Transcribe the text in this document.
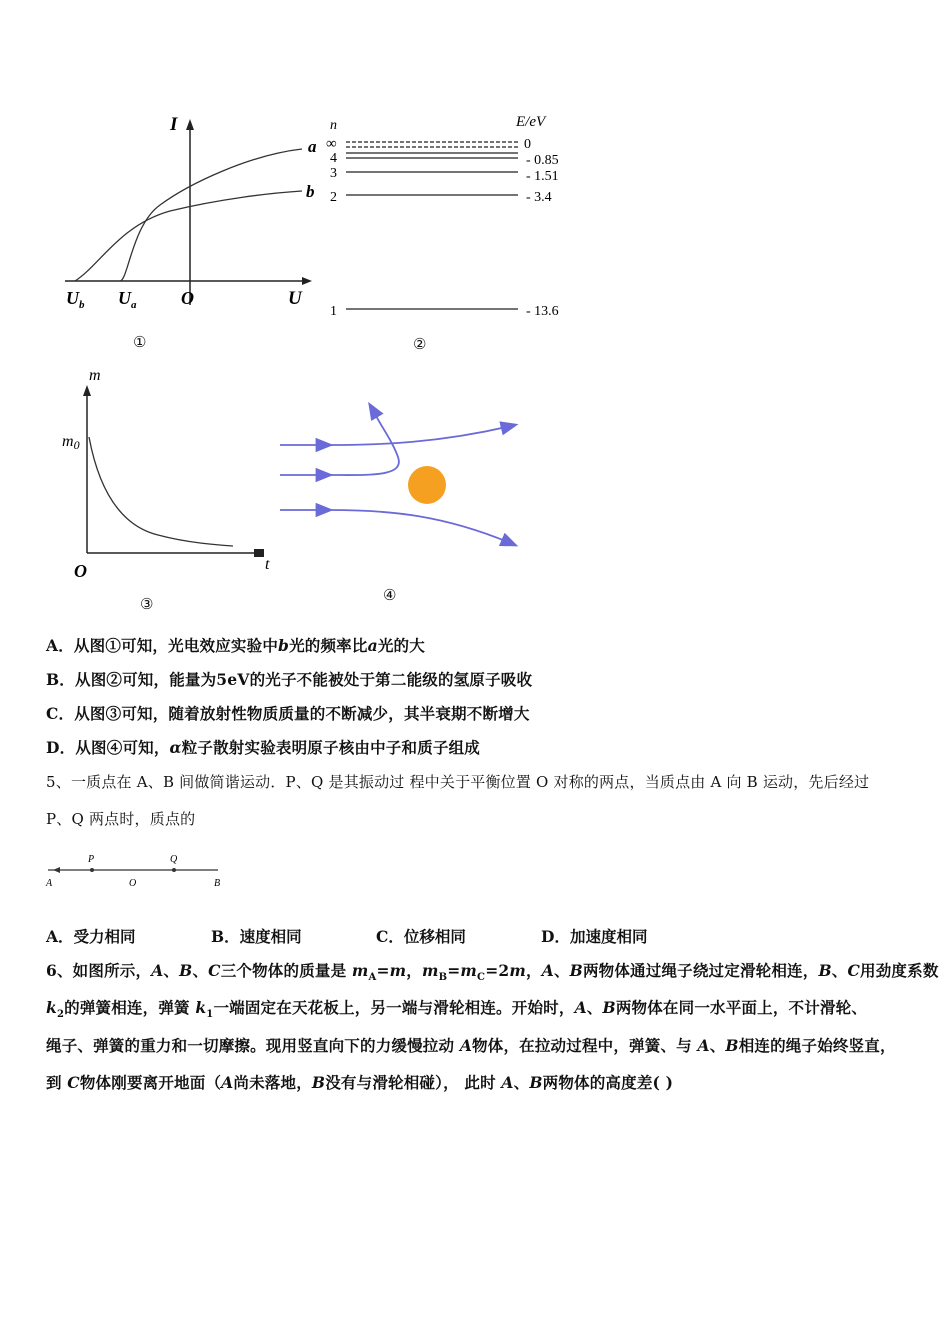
I
U
O
a
b
$U_b$ $U_a$
①
n	E/eV
∞
4
3
2
1
0
- 0.85
- 1.51
- 3.4
- 13.6
②
m
t
O
m0
③	④
A．从图①可知，光电效应实验中b光的频率比a光的大
B．从图②可知，能量为5eV的光子不能被处于第二能级的氢原子吸收
C．从图③可知，随着放射性物质质量的不断减少，其半衰期不断增大
D．从图④可知，α粒子散射实验表明原子核由中子和质子组成
5、一质点在 A、B 间做简谐运动．P、Q 是其振动过 程中关于平衡位置 O 对称的两点，当质点由 A 向 B 运动，先后经过
P、Q 两点时，质点的
A
P
O
Q
B
A．受力相同	B．速度相同	C．位移相同	D．加速度相同
6、如图所示，A、B、C三个物体的质量是 $m_A=m$，$m_B=m_C=2m$，A、B两物体通过绳子绕过定滑轮相连，B、C用劲度系数
$k_2$的弹簧相连，弹簧 $k_1$一端固定在天花板上，另一端与滑轮相连。开始时，A、B两物体在同一水平面上，不计滑轮、
绳子、弹簧的重力和一切摩擦。现用竖直向下的力缓慢拉动 A物体，在拉动过程中，弹簧、与 A、B相连的绳子始终竖直，
到 C物体刚要离开地面（A尚未落地，B没有与滑轮相碰）， 此时 A、B两物体的高度差( )
